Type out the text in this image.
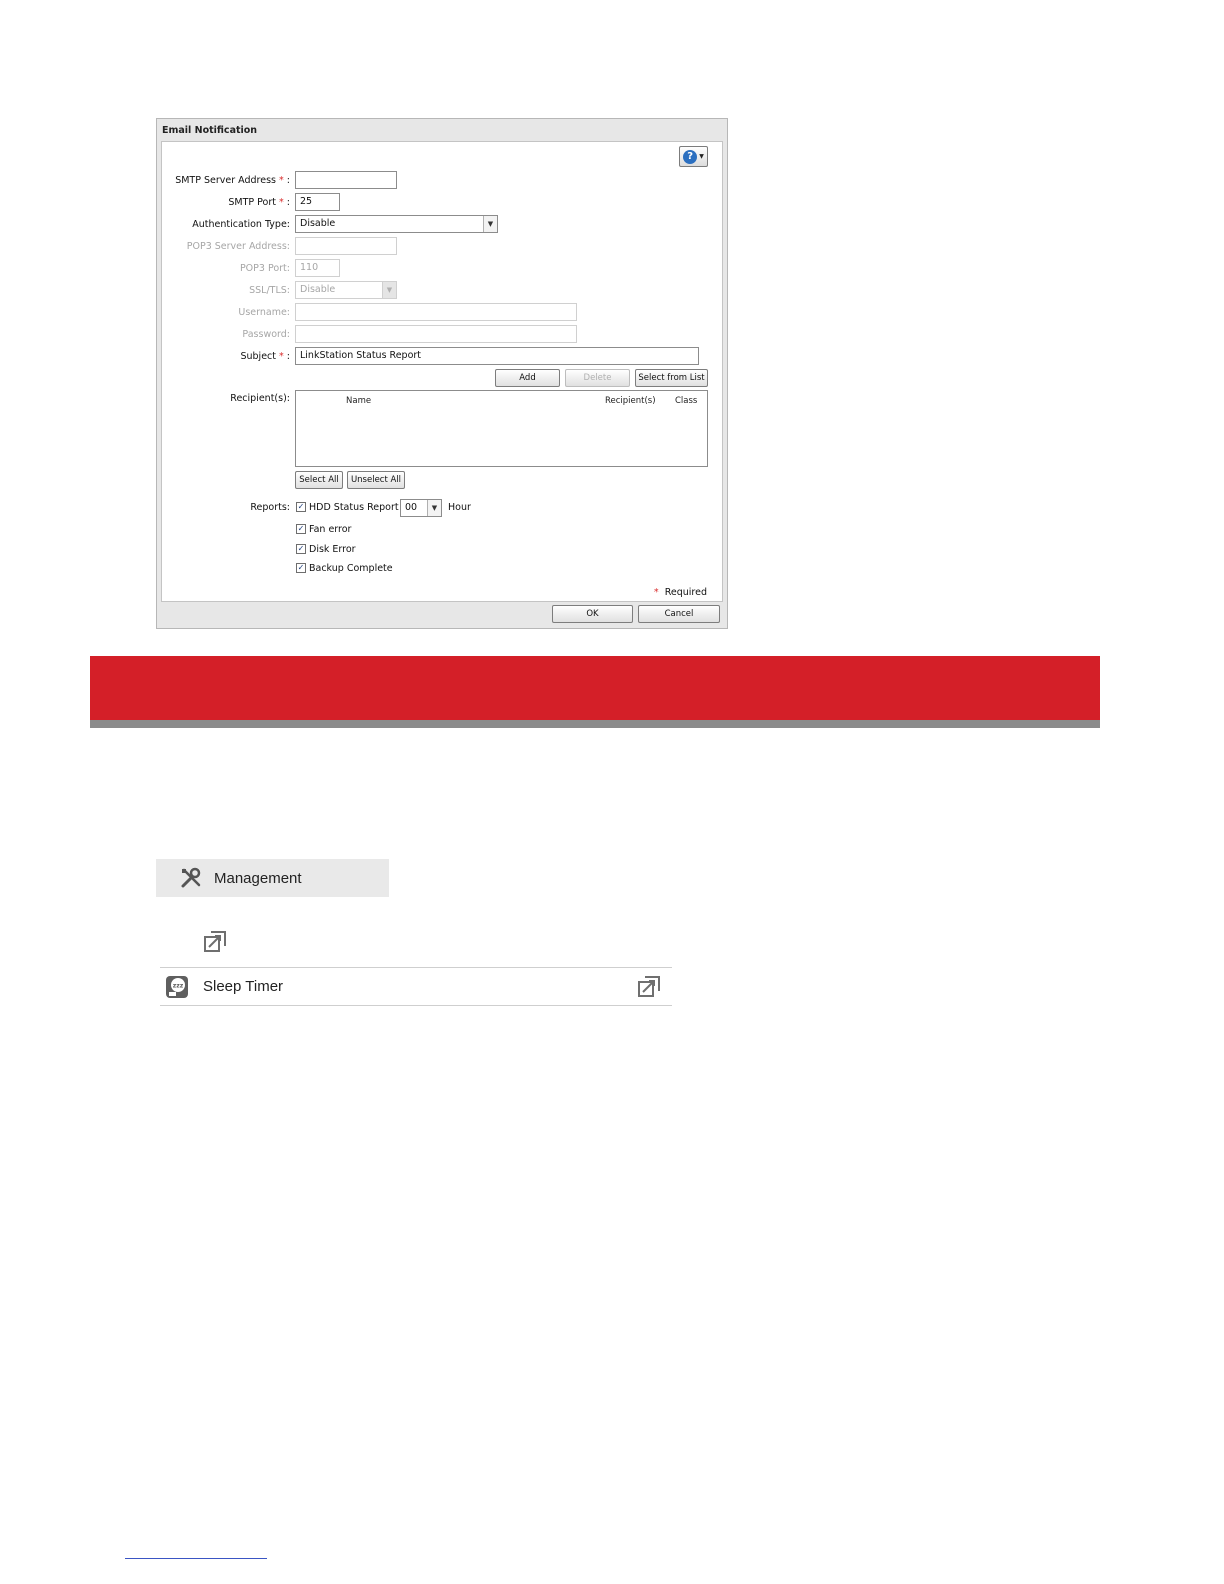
Email Notification
?	▼
SMTP Server Address * :
SMTP Port * :	25
Authentication Type:	Disable	▼
POP3 Server Address:
POP3 Port:	110
SSL/TLS:	Disable	▼
Username:
Password:
Subject * :	LinkStation Status Report
Add	Delete	Select from List
Recipient(s):	Name	Recipient(s) Class
Select All	Unselect All
Reports: ✓ HDD Status Report 00	▼	Hour
✓ Fan error
✓ Disk Error
✓ Backup Complete
* Required
OK	Cancel
Management
zzz Sleep Timer
